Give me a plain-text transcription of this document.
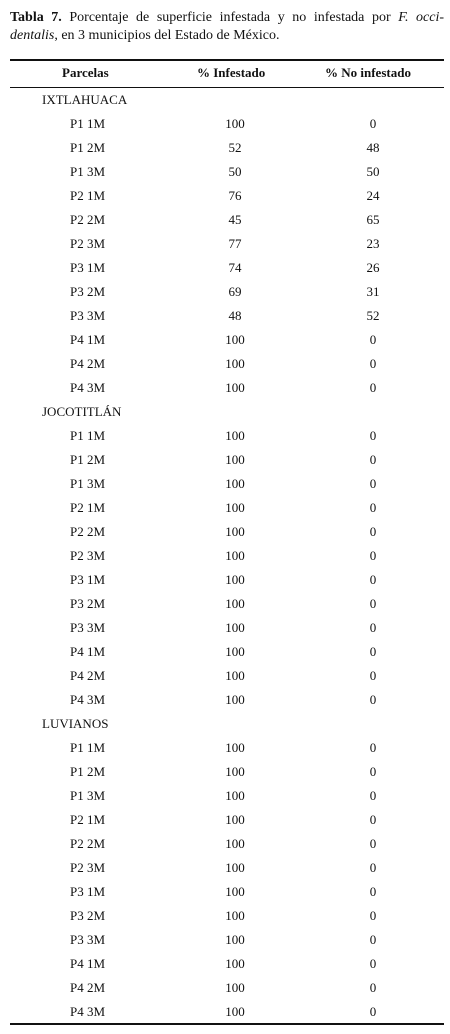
Tabla 7. Porcentaje de superficie infestada y no infestada por F. occi-dentalis, en 3 municipios del Estado de México.
Parcelas	% Infestado	% No infestado
IXTLAHUACA
P1 1M	100	0
P1 2M	52	48
P1 3M	50	50
P2 1M	76	24
P2 2M	45	65
P2 3M	77	23
P3 1M	74	26
P3 2M	69	31
P3 3M	48	52
P4 1M	100	0
P4 2M	100	0
P4 3M	100	0
JOCOTITLÁN
P1 1M	100	0
P1 2M	100	0
P1 3M	100	0
P2 1M	100	0
P2 2M	100	0
P2 3M	100	0
P3 1M	100	0
P3 2M	100	0
P3 3M	100	0
P4 1M	100	0
P4 2M	100	0
P4 3M	100	0
LUVIANOS
P1 1M	100	0
P1 2M	100	0
P1 3M	100	0
P2 1M	100	0
P2 2M	100	0
P2 3M	100	0
P3 1M	100	0
P3 2M	100	0
P3 3M	100	0
P4 1M	100	0
P4 2M	100	0
P4 3M	100	0
